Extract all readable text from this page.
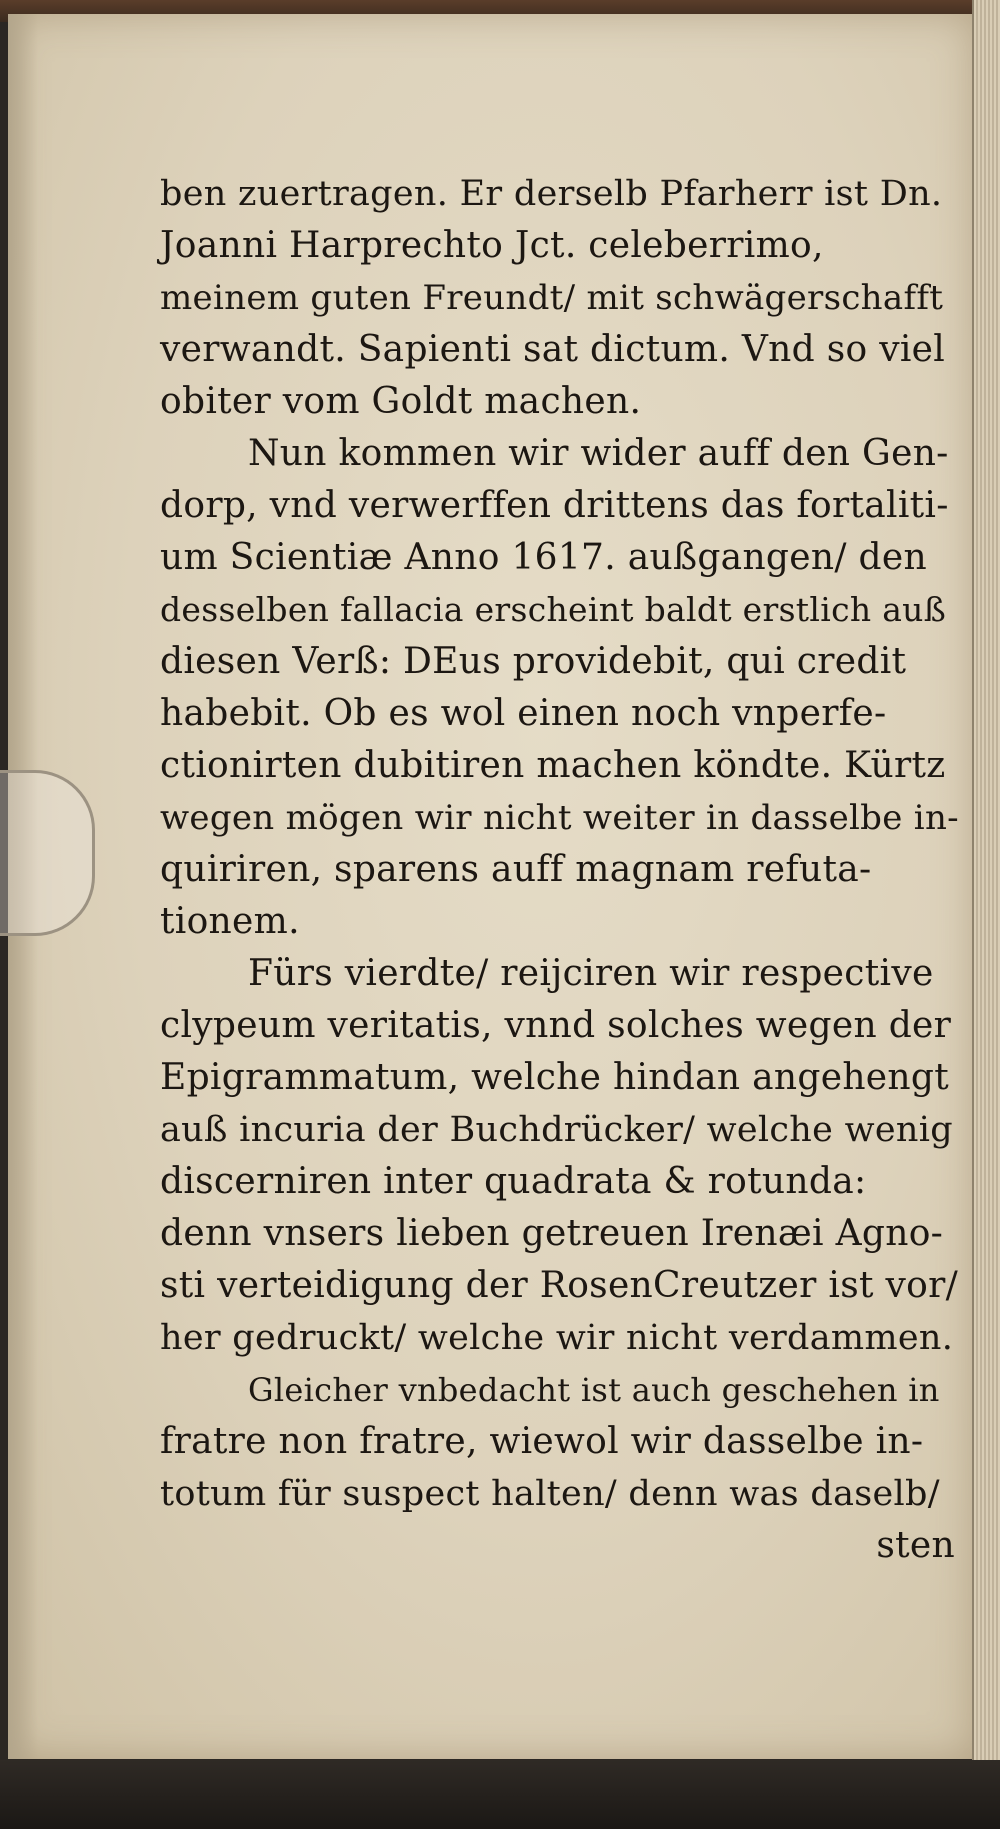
ben zuertragen. Er derselb Pfarherr ist Dn.
Joanni Harprechto Jct. celeberrimo,
meinem guten Freundt/ mit schwägerschafft
verwandt. Sapienti sat dictum. Vnd so viel
obiter vom Goldt machen.
Nun kommen wir wider auff den Gen-
dorp, vnd verwerffen drittens das fortaliti-
um Scientiæ Anno 1617. außgangen/ den
desselben fallacia erscheint baldt erstlich auß
diesen Verß: DEus providebit, qui credit
habebit. Ob es wol einen noch vnperfe-
ctionirten dubitiren machen köndte. Kürtz
wegen mögen wir nicht weiter in dasselbe in-
quiriren, sparens auff magnam refuta-
tionem.
Fürs vierdte/ reijciren wir respective
clypeum veritatis, vnnd solches wegen der
Epigrammatum, welche hindan angehengt
auß incuria der Buchdrücker/ welche wenig
discerniren inter quadrata & rotunda:
denn vnsers lieben getreuen Irenæi Agno-
sti verteidigung der RosenCreutzer ist vor/
her gedruckt/ welche wir nicht verdammen.
Gleicher vnbedacht ist auch geschehen in
fratre non fratre, wiewol wir dasselbe in-
totum für suspect halten/ denn was daselb/
sten
